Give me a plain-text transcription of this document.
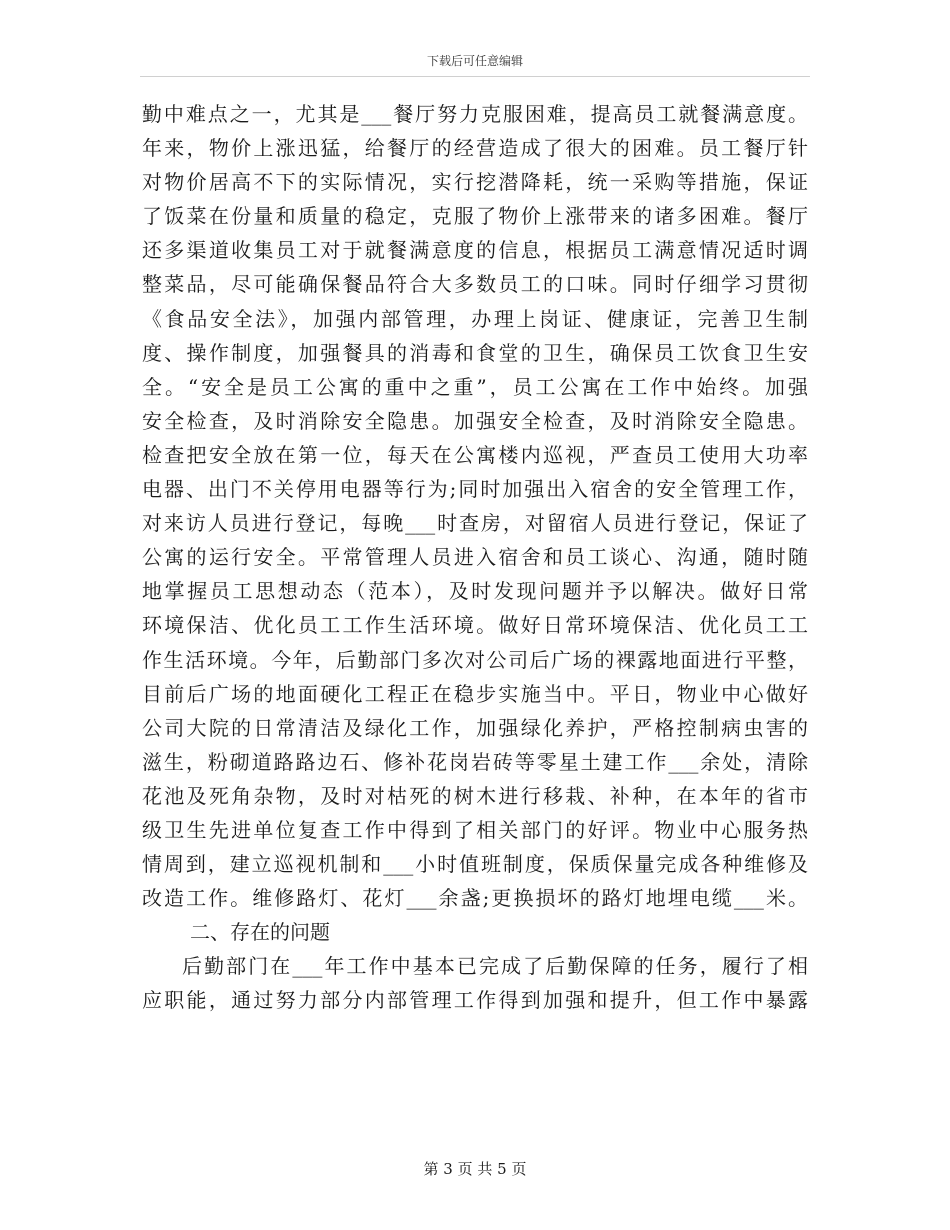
下载后可任意编辑
勤中难点之一，尤其是___餐厅努力克服困难，提高员工就餐满意度。
年来，物价上涨迅猛，给餐厅的经营造成了很大的困难。员工餐厅针
对物价居高不下的实际情况，实行挖潜降耗，统一采购等措施，保证
了饭菜在份量和质量的稳定，克服了物价上涨带来的诸多困难。餐厅
还多渠道收集员工对于就餐满意度的信息，根据员工满意情况适时调
整菜品，尽可能确保餐品符合大多数员工的口味。同时仔细学习贯彻
《食品安全法》，加强内部管理，办理上岗证、健康证，完善卫生制
度、操作制度，加强餐具的消毒和食堂的卫生，确保员工饮食卫生安
全。“安全是员工公寓的重中之重”，员工公寓在工作中始终。加强
安全检查，及时消除安全隐患。加强安全检查，及时消除安全隐患。
检查把安全放在第一位，每天在公寓楼内巡视，严查员工使用大功率
电器、出门不关停用电器等行为;同时加强出入宿舍的安全管理工作，
对来访人员进行登记，每晚___时查房，对留宿人员进行登记，保证了
公寓的运行安全。平常管理人员进入宿舍和员工谈心、沟通，随时随
地掌握员工思想动态（范本），及时发现问题并予以解决。做好日常
环境保洁、优化员工工作生活环境。做好日常环境保洁、优化员工工
作生活环境。今年，后勤部门多次对公司后广场的裸露地面进行平整，
目前后广场的地面硬化工程正在稳步实施当中。平日，物业中心做好
公司大院的日常清洁及绿化工作，加强绿化养护，严格控制病虫害的
滋生，粉砌道路路边石、修补花岗岩砖等零星土建工作___余处，清除
花池及死角杂物，及时对枯死的树木进行移栽、补种，在本年的省市
级卫生先进单位复查工作中得到了相关部门的好评。物业中心服务热
情周到，建立巡视机制和___小时值班制度，保质保量完成各种维修及
改造工作。维修路灯、花灯___余盏;更换损坏的路灯地埋电缆___米。
二、存在的问题
后勤部门在___年工作中基本已完成了后勤保障的任务，履行了相
应职能，通过努力部分内部管理工作得到加强和提升，但工作中暴露
第 3 页 共 5 页
